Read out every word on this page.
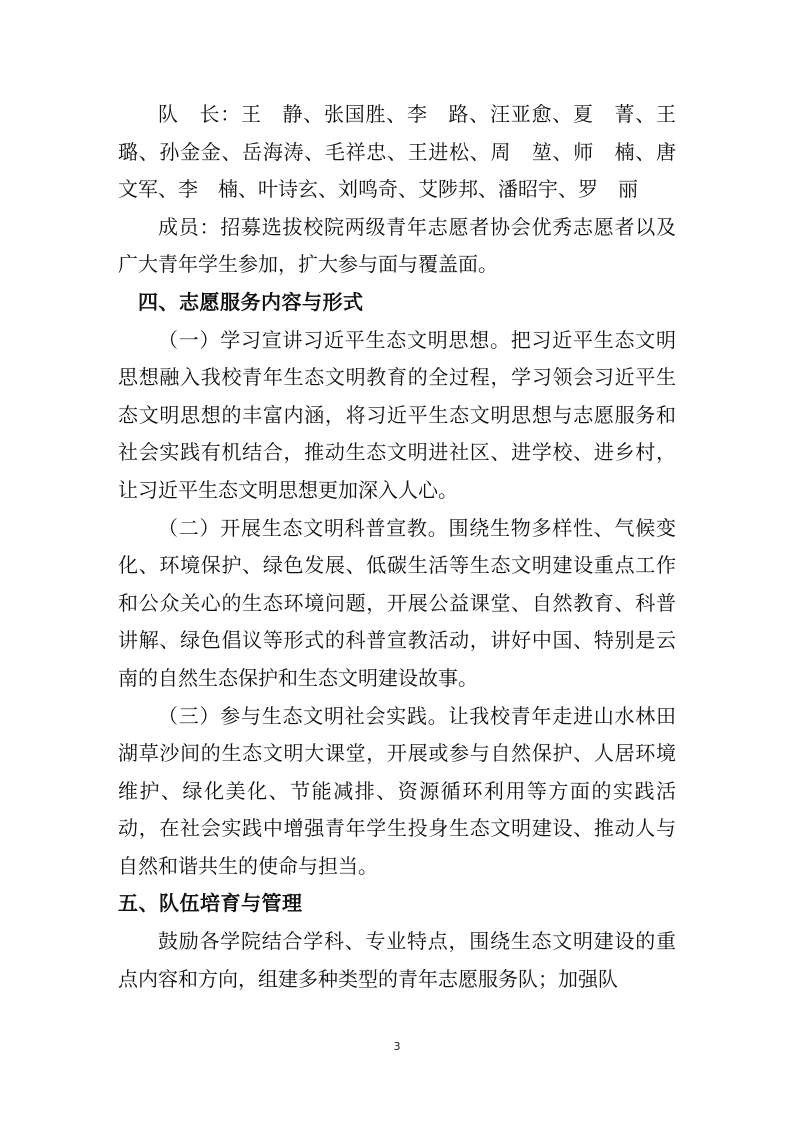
队　长：王　静、张国胜、李　路、汪亚愈、夏　菁、王　璐、孙金金、岳海涛、毛祥忠、王进松、周　堃、师　楠、唐文军、李　楠、叶诗玄、刘鸣奇、艾陟邦、潘昭宇、罗　丽

成员：招募选拔校院两级青年志愿者协会优秀志愿者以及广大青年学生参加，扩大参与面与覆盖面。

四、志愿服务内容与形式

（一）学习宣讲习近平生态文明思想。把习近平生态文明思想融入我校青年生态文明教育的全过程，学习领会习近平生态文明思想的丰富内涵，将习近平生态文明思想与志愿服务和社会实践有机结合，推动生态文明进社区、进学校、进乡村，让习近平生态文明思想更加深入人心。

（二）开展生态文明科普宣教。围绕生物多样性、气候变化、环境保护、绿色发展、低碳生活等生态文明建设重点工作和公众关心的生态环境问题，开展公益课堂、自然教育、科普讲解、绿色倡议等形式的科普宣教活动，讲好中国、特别是云南的自然生态保护和生态文明建设故事。

（三）参与生态文明社会实践。让我校青年走进山水林田湖草沙间的生态文明大课堂，开展或参与自然保护、人居环境维护、绿化美化、节能减排、资源循环利用等方面的实践活动，在社会实践中增强青年学生投身生态文明建设、推动人与自然和谐共生的使命与担当。

五、队伍培育与管理

鼓励各学院结合学科、专业特点，围绕生态文明建设的重点内容和方向，组建多种类型的青年志愿服务队；加强队

3
